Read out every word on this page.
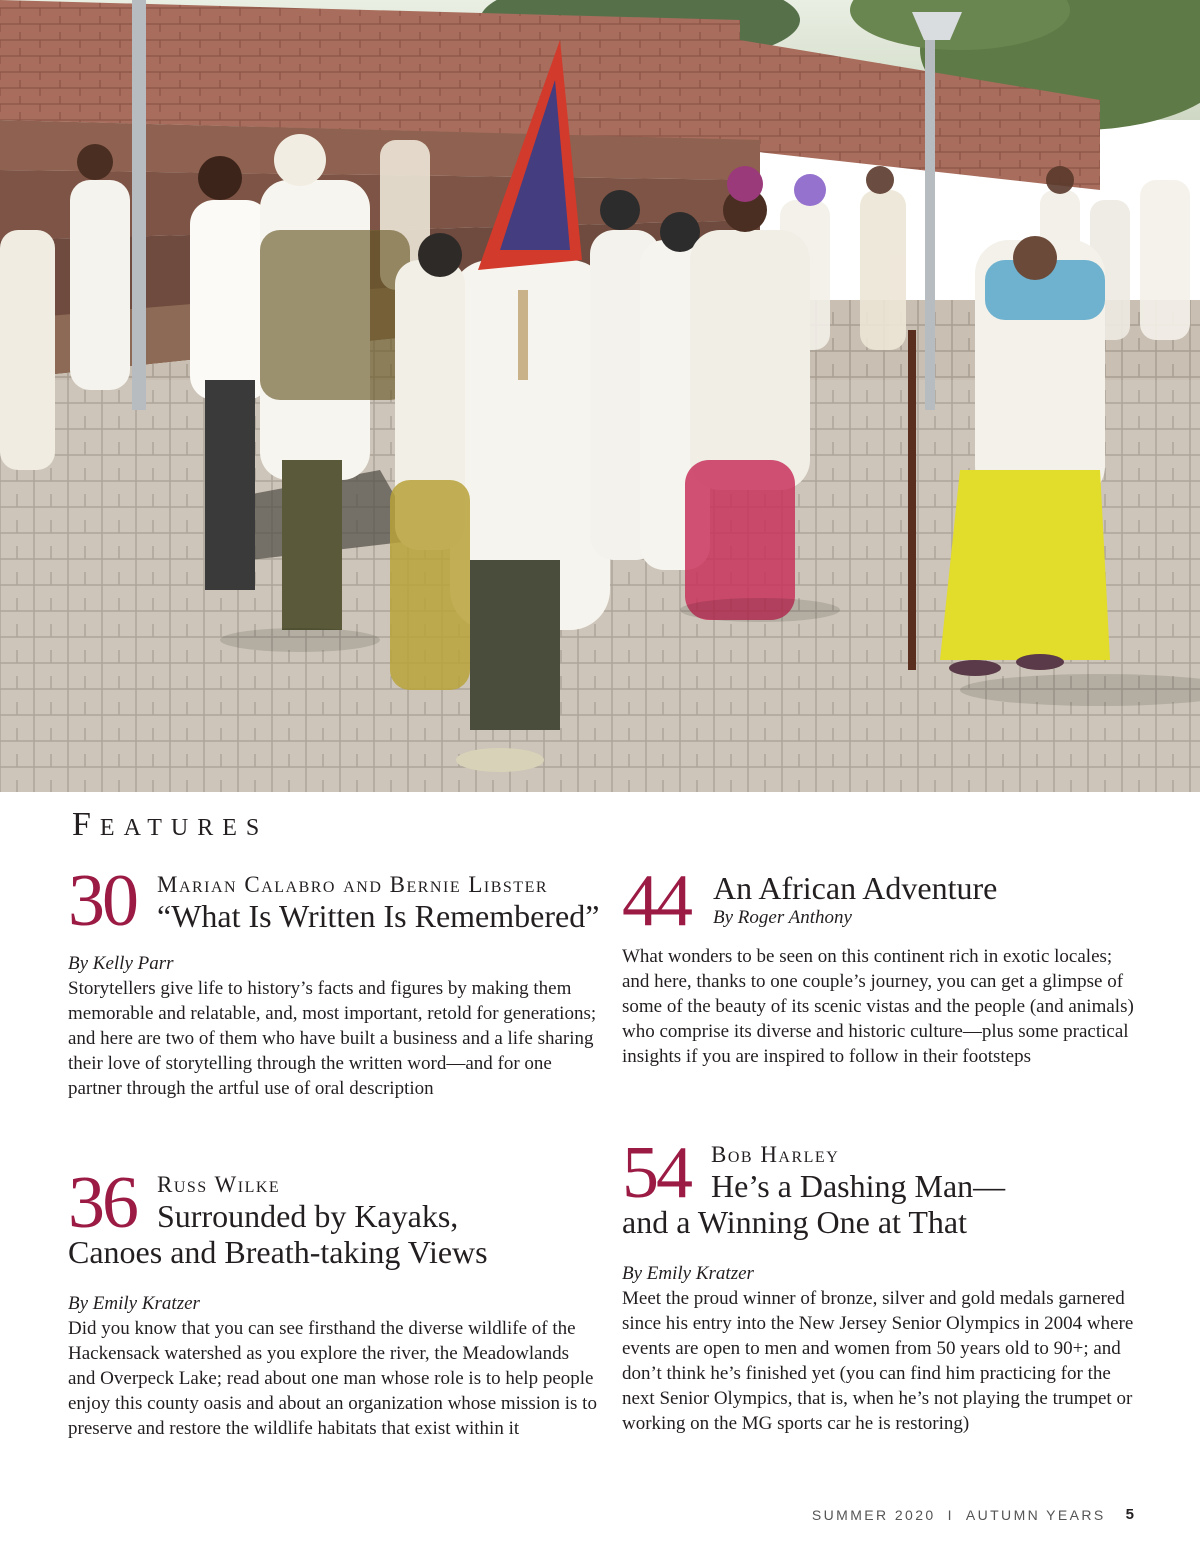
Features
30 Marian Calabro and Bernie Libster
“What Is Written Is Remembered”
By Kelly Parr

Storytellers give life to history’s facts and figures by making them memorable and relatable, and, most important, retold for generations; and here are two of them who have built a business and a life sharing their love of storytelling through the written word—and for one partner through the artful use of oral description

36 Russ Wilke
Surrounded by Kayaks,
Canoes and Breath-taking Views
By Emily Kratzer

Did you know that you can see firsthand the diverse wildlife of the Hackensack watershed as you explore the river, the Meadowlands and Overpeck Lake; read about one man whose role is to help people enjoy this county oasis and about an organization whose mission is to preserve and restore the wildlife habitats that exist within it

44 An African Adventure
By Roger Anthony

What wonders to be seen on this continent rich in exotic locales; and here, thanks to one couple’s journey, you can get a glimpse of some of the beauty of its scenic vistas and the people (and animals) who comprise its diverse and historic culture—plus some practical insights if you are inspired to follow in their footsteps

54 Bob Harley
He’s a Dashing Man—
and a Winning One at That
By Emily Kratzer

Meet the proud winner of bronze, silver and gold medals garnered since his entry into the New Jersey Senior Olympics in 2004 where events are open to men and women from 50 years old to 90+; and don’t think he’s finished yet (you can find him practicing for the next Senior Olympics, that is, when he’s not playing the trumpet or working on the MG sports car he is restoring)

SUMMER 2020 I AUTUMN YEARS 5
